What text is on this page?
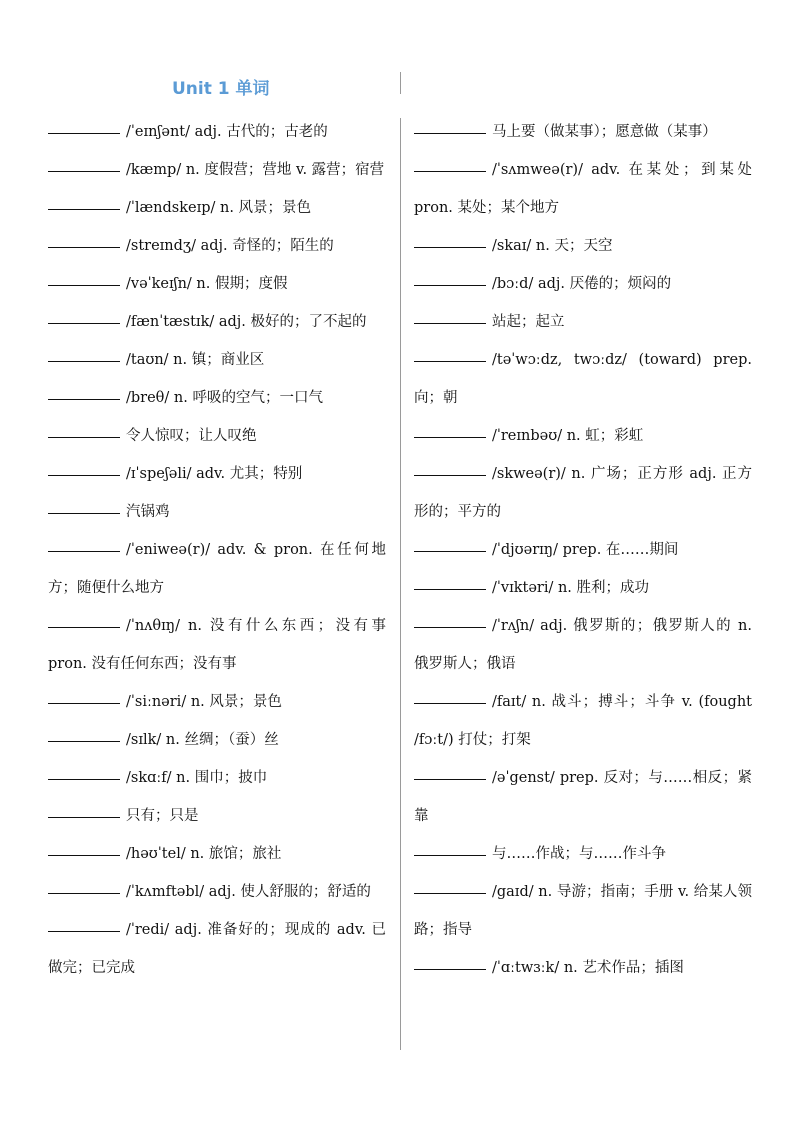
Unit 1 单词
/ˈeɪnʃənt/ adj. 古代的；古老的
/kæmp/ n. 度假营；营地 v. 露营；宿营
/ˈlændskeɪp/ n. 风景；景色
/streɪndʒ/ adj. 奇怪的；陌生的
/vəˈkeɪʃn/ n. 假期；度假
/fænˈtæstɪk/ adj. 极好的；了不起的
/taʊn/ n. 镇；商业区
/breθ/ n. 呼吸的空气；一口气
令人惊叹；让人叹绝
/ɪˈspeʃəli/ adv. 尤其；特别
汽锅鸡
/ˈeniweə(r)/ adv. & pron. 在任何地方；随便什么地方
/ˈnʌθɪŋ/ n. 没有什么东西；没有事 pron. 没有任何东西；没有事
/ˈsiːnəri/ n. 风景；景色
/sɪlk/ n. 丝绸；（蚕）丝
/skɑːf/ n. 围巾；披巾
只有；只是
/həʊˈtel/ n. 旅馆；旅社
/ˈkʌmftəbl/ adj. 使人舒服的；舒适的
/ˈredi/ adj. 准备好的；现成的 adv. 已做完；已完成
马上要（做某事）；愿意做（某事）
/ˈsʌmweə(r)/ adv. 在某处；到某处 pron. 某处；某个地方
/skaɪ/ n. 天；天空
/bɔːd/ adj. 厌倦的；烦闷的
站起；起立
/təˈwɔːdz, twɔːdz/ (toward) prep. 向；朝
/ˈreɪnbəʊ/ n. 虹；彩虹
/skweə(r)/ n. 广场；正方形 adj. 正方形的；平方的
/ˈdjʊərɪŋ/ prep. 在……期间
/ˈvɪktəri/ n. 胜利；成功
/ˈrʌʃn/ adj. 俄罗斯的；俄罗斯人的 n. 俄罗斯人；俄语
/faɪt/ n. 战斗；搏斗；斗争 v. (fought /fɔːt/) 打仗；打架
/əˈgenst/ prep. 反对；与……相反；紧靠
与……作战；与……作斗争
/gaɪd/ n. 导游；指南；手册 v. 给某人领路；指导
/ˈɑːtwɜːk/ n. 艺术作品；插图
